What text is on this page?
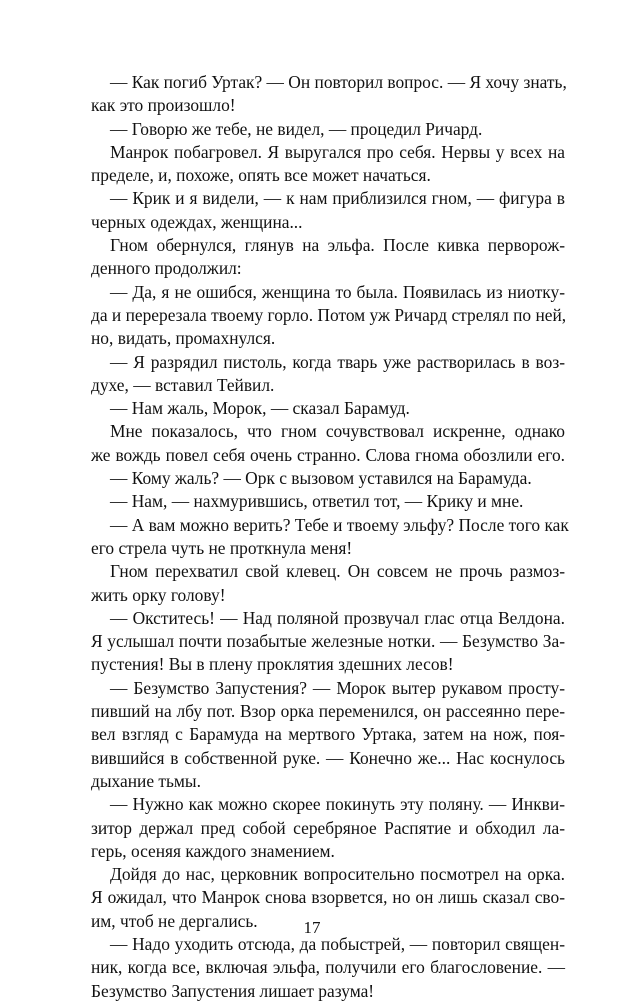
— Как погиб Уртак? — Он повторил вопрос. — Я хочу знать,
как это произошло!
— Говорю же тебе, не видел, — процедил Ричард.
Манрок побагровел. Я выругался про себя. Нервы у всех на
пределе, и, похоже, опять все может начаться.
— Крик и я видели, — к нам приблизился гном, — фигура в
черных одеждах, женщина...
Гном обернулся, глянув на эльфа. После кивка перворож-
денного продолжил:
— Да, я не ошибся, женщина то была. Появилась из ниотку-
да и перерезала твоему горло. Потом уж Ричард стрелял по ней,
но, видать, промахнулся.
— Я разрядил пистоль, когда тварь уже растворилась в воз-
духе, — вставил Тейвил.
— Нам жаль, Морок, — сказал Барамуд.
Мне показалось, что гном сочувствовал искренне, однако
же вождь повел себя очень странно. Слова гнома обозлили его.
— Кому жаль? — Орк с вызовом уставился на Барамуда.
— Нам, — нахмурившись, ответил тот, — Крику и мне.
— А вам можно верить? Тебе и твоему эльфу? После того как
его стрела чуть не проткнула меня!
Гном перехватил свой клевец. Он совсем не прочь размоз-
жить орку голову!
— Окститесь! — Над поляной прозвучал глас отца Велдона.
Я услышал почти позабытые железные нотки. — Безумство За-
пустения! Вы в плену проклятия здешних лесов!
— Безумство Запустения? — Морок вытер рукавом просту-
пивший на лбу пот. Взор орка переменился, он рассеянно пере-
вел взгляд с Барамуда на мертвого Уртака, затем на нож, поя-
вившийся в собственной руке. — Конечно же... Нас коснулось
дыхание тьмы.
— Нужно как можно скорее покинуть эту поляну. — Инкви-
зитор держал пред собой серебряное Распятие и обходил ла-
герь, осеняя каждого знамением.
Дойдя до нас, церковник вопросительно посмотрел на орка.
Я ожидал, что Манрок снова взорвется, но он лишь сказал сво-
им, чтоб не дергались.
— Надо уходить отсюда, да побыстрей, — повторил священ-
ник, когда все, включая эльфа, получили его благословение. —
Безумство Запустения лишает разума!
17
